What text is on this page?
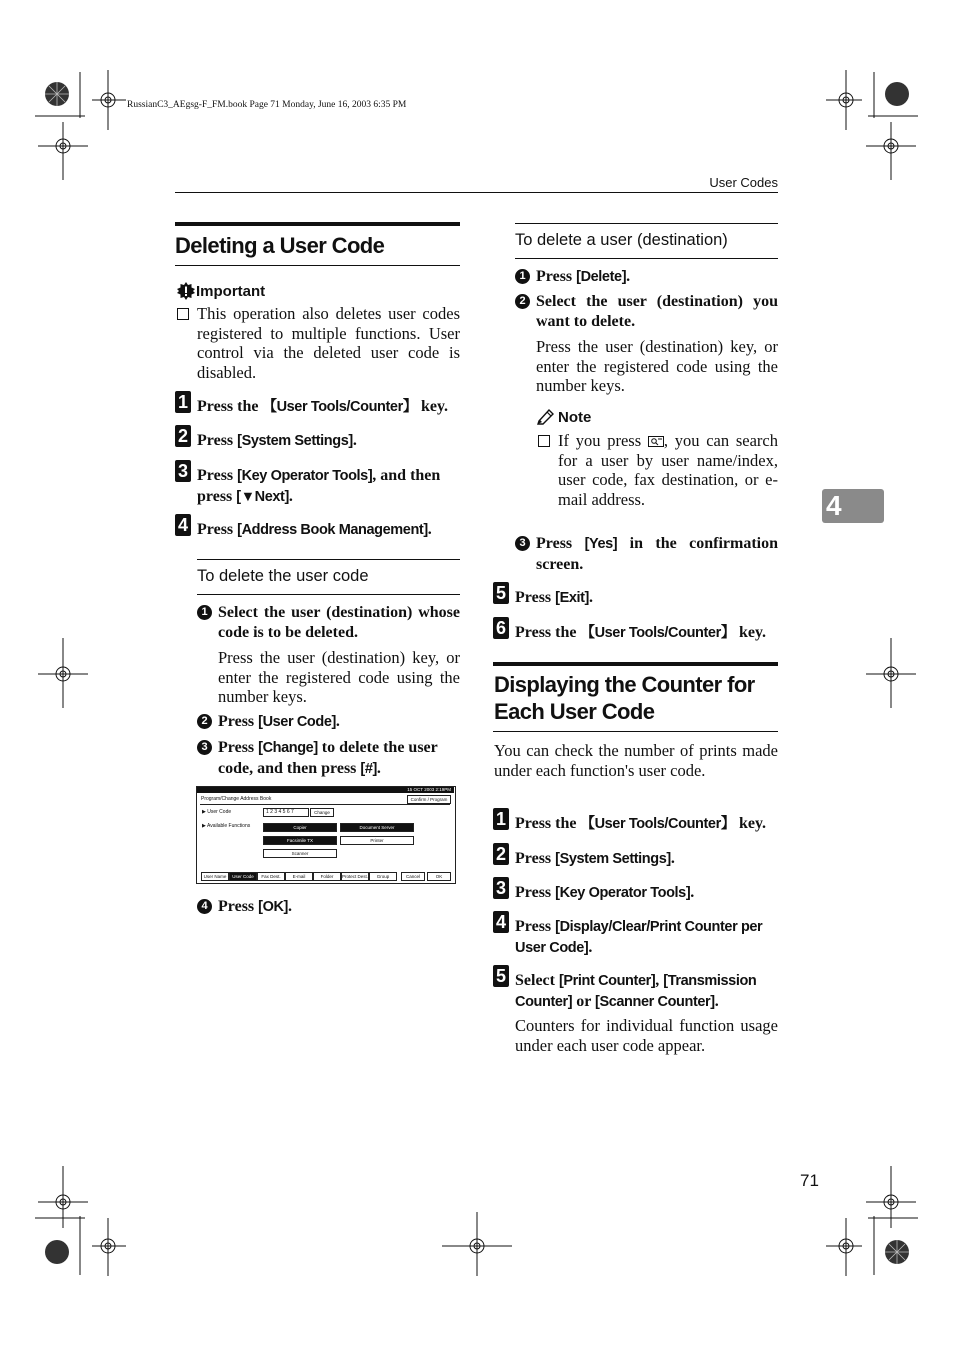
RussianC3_AEgsg-F_FM.book Page 71 Monday, June 16, 2003 6:35 PM
User Codes
4
Deleting a User Code
Important
This operation also deletes user codes registered to multiple functions. User control via the deleted user code is disabled.
1 Press the 【User Tools/Counter】 key.
2 Press [System Settings].
3 Press [Key Operator Tools], and then press [▼Next].
4 Press [Address Book Management].
To delete the user code
1 Select the user (destination) whose code is to be deleted.
Press the user (destination) key, or enter the registered code using the number keys.
2 Press [User Code].
3 Press [Change] to delete the user code, and then press [#].
15 OCT 2003 2:19PM
Program/Change Address Book	Confirm / Program
▶ User Code	1 2 3 4 5 6 7	Change
▶ Available Functions	Copier	Document Server
Facsimile TX	Printer
Scanner
User Name	User Code	Fax Dest.	E-mail	Folder	Protect Dest.	Group	Cancel	OK
4 Press [OK].
To delete a user (destination)
1 Press [Delete].
2 Select the user (destination) you want to delete.
Press the user (destination) key, or enter the registered code using the number keys.
Note
If you press , you can search for a user by user name/index, user code, fax destination, or e-mail address.
3 Press [Yes] in the confirmation screen.
5 Press [Exit].
6 Press the 【User Tools/Counter】 key.
Displaying the Counter for
Each User Code
You can check the number of prints made under each function's user code.
1 Press the 【User Tools/Counter】 key.
2 Press [System Settings].
3 Press [Key Operator Tools].
4 Press [Display/Clear/Print Counter per User Code].
5 Select [Print Counter], [Transmission Counter] or [Scanner Counter].
Counters for individual function usage under each user code appear.
71
